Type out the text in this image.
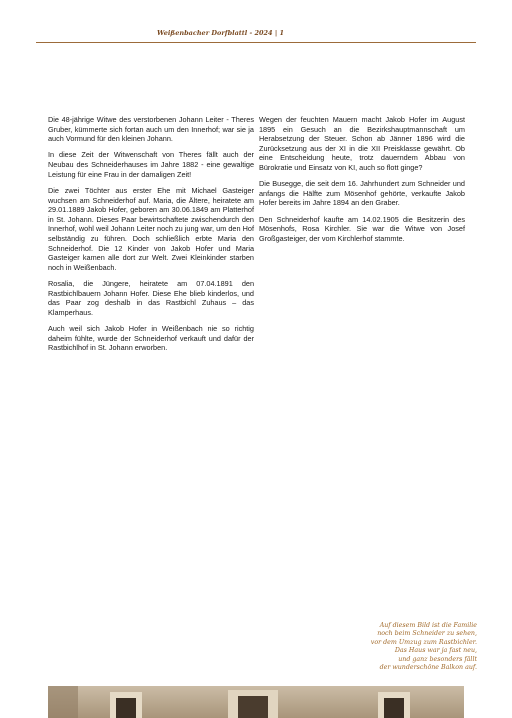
Weißenbacher Dorfblattl - 2024 | 1

Die 48-jährige Witwe des verstorbenen Johann Leiter - Theres Gruber, kümmerte sich fortan auch um den Innerhof; war sie ja auch Vormund für den kleinen Johann.

In diese Zeit der Witwenschaft von Theres fällt auch der Neubau des Schneiderhauses im Jahre 1882 - eine gewaltige Leistung für eine Frau in der damaligen Zeit!

Die zwei Töchter aus erster Ehe mit Michael Gasteiger wuchsen am Schneiderhof auf. Maria, die Ältere, heiratete am 29.01.1889 Jakob Hofer, geboren am 30.06.1849 am Platterhof in St. Johann. Dieses Paar bewirtschaftete zwischendurch den Innerhof, wohl weil Johann Leiter noch zu jung war, um den Hof selbständig zu führen. Doch schließlich erbte Maria den Schneiderhof. Die 12 Kinder von Jakob Hofer und Maria Gasteiger kamen alle dort zur Welt. Zwei Kleinkinder starben noch in Weißenbach.

Rosalia, die Jüngere, heiratete am 07.04.1891 den Rastbichlbauern Johann Hofer. Diese Ehe blieb kinderlos, und das Paar zog deshalb in das Rastbichl Zuhaus – das Klamperhaus.

Auch weil sich Jakob Hofer in Weißenbach nie so richtig daheim fühlte, wurde der Schneiderhof verkauft und dafür der Rastbichlhof in St. Johann erworben.

Wegen der feuchten Mauern macht Jakob Hofer im August 1895 ein Gesuch an die Bezirkshauptmannschaft um Herabsetzung der Steuer. Schon ab Jänner 1896 wird die Zurücksetzung aus der XI in die XII Preisklasse gewährt. Ob eine Entscheidung heute, trotz dauerndem Abbau von Bürokratie und Einsatz von KI, auch so flott ginge?

Die Busegge, die seit dem 16. Jahrhundert zum Schneider und anfangs die Hälfte zum Mösenhof gehörte, verkaufte Jakob Hofer bereits im Jahre 1894 an den Graber.

Den Schneiderhof kaufte am 14.02.1905 die Besitzerin des Mösenhofs, Rosa Kirchler. Sie war die Witwe von Josef Großgasteiger, der vom Kirchlerhof stammte.

Auf diesem Bild ist die Familie
noch beim Schneider zu sehen,
vor dem Umzug zum Rastbichler.
Das Haus war ja fast neu,
und ganz besonders fällt
der wunderschöne Balkon auf.
